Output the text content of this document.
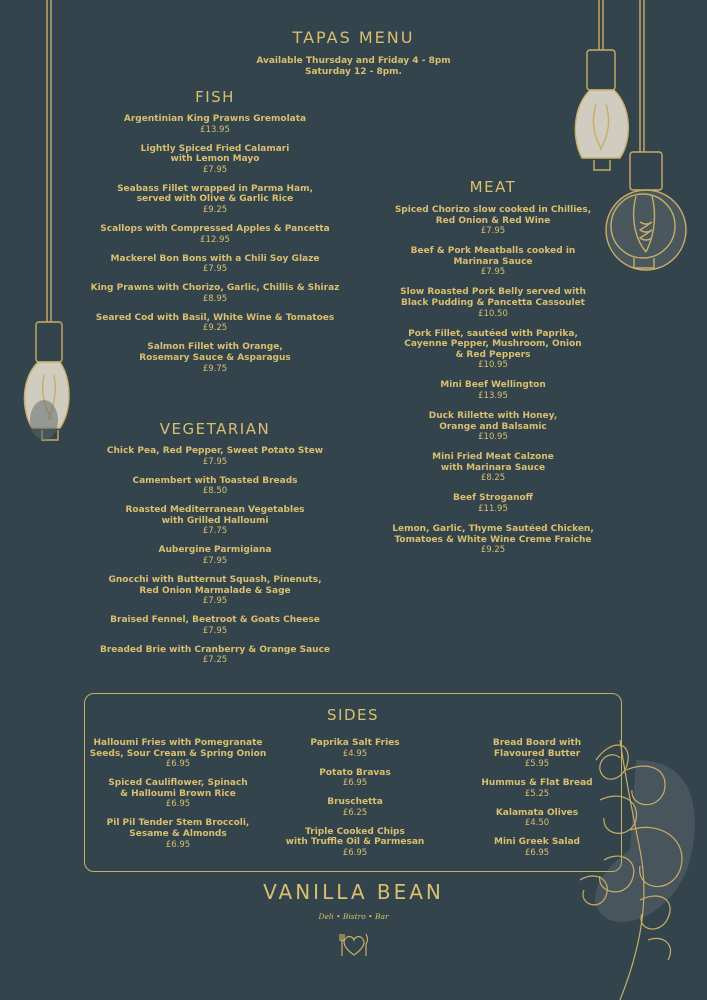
TAPAS MENU
Available Thursday and Friday 4 - 8pm
Saturday 12 - 8pm.
FISH
Argentinian King Prawns Gremolata
£13.95
Lightly Spiced Fried Calamari
with Lemon Mayo
£7.95
Seabass Fillet wrapped in Parma Ham,
served with Olive & Garlic Rice
£9.25
Scallops with Compressed Apples & Pancetta
£12.95
Mackerel Bon Bons with a Chili Soy Glaze
£7.95
King Prawns with Chorizo, Garlic, Chillis & Shiraz
£8.95
Seared Cod with Basil, White Wine & Tomatoes
£9.25
Salmon Fillet with Orange,
Rosemary Sauce & Asparagus
£9.75
VEGETARIAN
Chick Pea, Red Pepper, Sweet Potato Stew
£7.95
Camembert with Toasted Breads
£8.50
Roasted Mediterranean Vegetables
with Grilled Halloumi
£7.75
Aubergine Parmigiana
£7.95
Gnocchi with Butternut Squash, Pinenuts,
Red Onion Marmalade & Sage
£7.95
Braised Fennel, Beetroot & Goats Cheese
£7.95
Breaded Brie with Cranberry & Orange Sauce
£7.25
MEAT
Spiced Chorizo slow cooked in Chillies,
Red Onion & Red Wine
£7.95
Beef & Pork Meatballs cooked in
Marinara Sauce
£7.95
Slow Roasted Pork Belly served with
Black Pudding & Pancetta Cassoulet
£10.50
Pork Fillet, sautéed with Paprika,
Cayenne Pepper, Mushroom, Onion
& Red Peppers
£10.95
Mini Beef Wellington
£13.95
Duck Rillette with Honey,
Orange and Balsamic
£10.95
Mini Fried Meat Calzone
with Marinara Sauce
£8.25
Beef Stroganoff
£11.95
Lemon, Garlic, Thyme Sautéed Chicken,
Tomatoes & White Wine Creme Fraiche
£9.25
SIDES
Halloumi Fries with Pomegranate
Seeds, Sour Cream & Spring Onion
£6.95
Spiced Cauliflower, Spinach
& Halloumi Brown Rice
£6.95
Pil Pil Tender Stem Broccoli,
Sesame & Almonds
£6.95
Paprika Salt Fries
£4.95
Potato Bravas
£6.95
Bruschetta
£6.25
Triple Cooked Chips
with Truffle Oil & Parmesan
£6.95
Bread Board with
Flavoured Butter
£5.95
Hummus & Flat Bread
£5.25
Kalamata Olives
£4.50
Mini Greek Salad
£6.95
VANILLA BEAN
Deli • Bistro • Bar
